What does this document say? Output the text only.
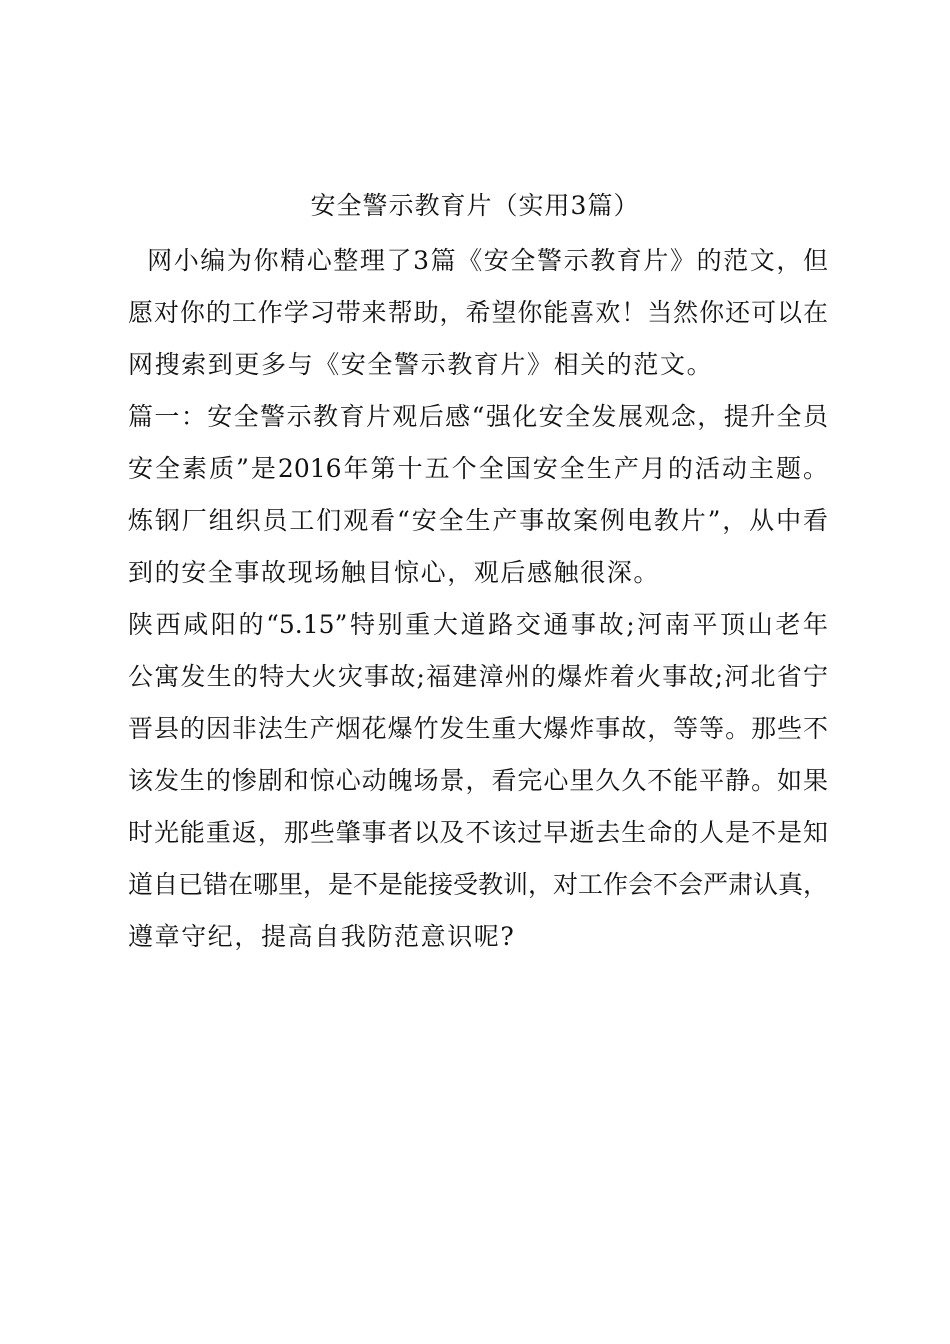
安全警示教育片（实用3篇）
网小编为你精心整理了3篇《安全警示教育片》的范文，但
愿对你的工作学习带来帮助，希望你能喜欢！当然你还可以在
网搜索到更多与《安全警示教育片》相关的范文。
篇一：安全警示教育片观后感“强化安全发展观念，提升全员
安全素质”是2016年第十五个全国安全生产月的活动主题。
炼钢厂组织员工们观看“安全生产事故案例电教片”，从中看
到的安全事故现场触目惊心，观后感触很深。
陕西咸阳的“5.15”特别重大道路交通事故;河南平顶山老年
公寓发生的特大火灾事故;福建漳州的爆炸着火事故;河北省宁
晋县的因非法生产烟花爆竹发生重大爆炸事故，等等。那些不
该发生的惨剧和惊心动魄场景，看完心里久久不能平静。如果
时光能重返，那些肇事者以及不该过早逝去生命的人是不是知
道自已错在哪里，是不是能接受教训，对工作会不会严肃认真，
遵章守纪，提高自我防范意识呢?
